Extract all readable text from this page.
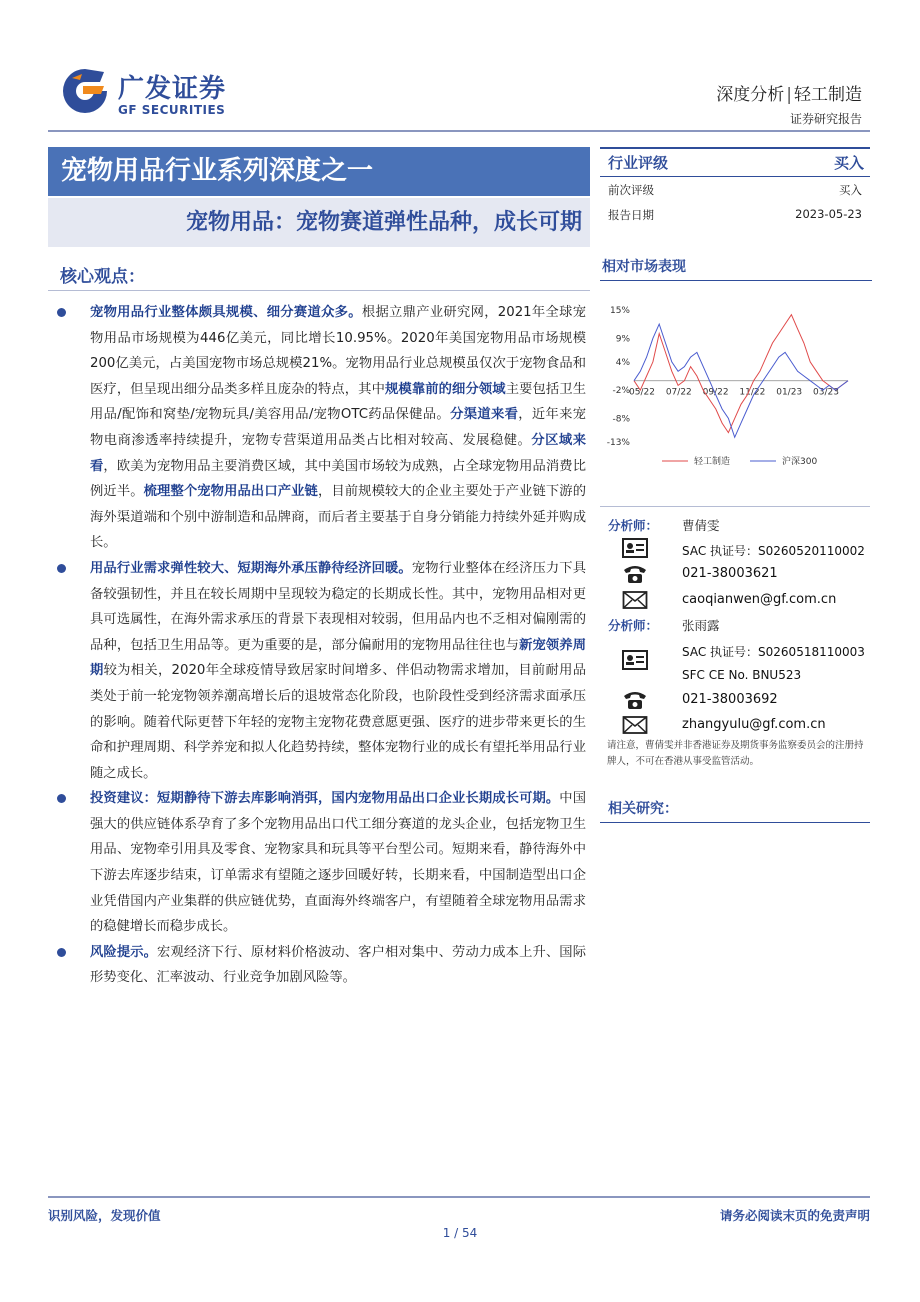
广发证券
GF SECURITIES
深度分析 | 轻工制造
证券研究报告
宠物用品行业系列深度之一
宠物用品：宠物赛道弹性品种，成长可期
核心观点：
宠物用品行业整体颇具规模、细分赛道众多。根据立鼎产业研究网，2021年全球宠物用品市场规模为446亿美元，同比增长10.95%。2020年美国宠物用品市场规模200亿美元，占美国宠物市场总规模21%。宠物用品行业总规模虽仅次于宠物食品和医疗，但呈现出细分品类多样且庞杂的特点，其中规模靠前的细分领域主要包括卫生用品/配饰和窝垫/宠物玩具/美容用品/宠物OTC药品保健品。分渠道来看，近年来宠物电商渗透率持续提升，宠物专营渠道用品类占比相对较高、发展稳健。分区域来看，欧美为宠物用品主要消费区域，其中美国市场较为成熟，占全球宠物用品消费比例近半。梳理整个宠物用品出口产业链，目前规模较大的企业主要处于产业链下游的海外渠道端和个别中游制造和品牌商，而后者主要基于自身分销能力持续外延并购成长。
用品行业需求弹性较大、短期海外承压静待经济回暖。宠物行业整体在经济压力下具备较强韧性，并且在较长周期中呈现较为稳定的长期成长性。其中，宠物用品相对更具可选属性，在海外需求承压的背景下表现相对较弱，但用品内也不乏相对偏刚需的品种，包括卫生用品等。更为重要的是，部分偏耐用的宠物用品往往也与新宠领养周期较为相关，2020年全球疫情导致居家时间增多、伴侣动物需求增加，目前耐用品类处于前一轮宠物领养潮高增长后的退坡常态化阶段，也阶段性受到经济需求面承压的影响。随着代际更替下年轻的宠物主宠物花费意愿更强、医疗的进步带来更长的生命和护理周期、科学养宠和拟人化趋势持续，整体宠物行业的成长有望托举用品行业随之成长。
投资建议：短期静待下游去库影响消弭，国内宠物用品出口企业长期成长可期。中国强大的供应链体系孕育了多个宠物用品出口代工细分赛道的龙头企业，包括宠物卫生用品、宠物牵引用具及零食、宠物家具和玩具等平台型公司。短期来看，静待海外中下游去库逐步结束，订单需求有望随之逐步回暖好转，长期来看，中国制造型出口企业凭借国内产业集群的供应链优势，直面海外终端客户，有望随着全球宠物用品需求的稳健增长而稳步成长。
风险提示。宏观经济下行、原材料价格波动、客户相对集中、劳动力成本上升、国际形势变化、汇率波动、行业竞争加剧风险等。
行业评级	买入
前次评级	买入
报告日期	2023-05-23
相对市场表现
15%
9%
4%
-2%
-8%
-13%
05/22 07/22 09/22 11/22 01/23 03/23
轻工制造	沪深300
分析师： 曹倩雯
SAC 执证号：S0260520110002
021-38003621
caoqianwen@gf.com.cn
分析师： 张雨露
SAC 执证号：S0260518110003
SFC CE No. BNU523
021-38003692
zhangyulu@gf.com.cn
请注意，曹倩雯并非香港证券及期货事务监察委员会的注册持牌人，不可在香港从事受监管活动。
相关研究：
识别风险，发现价值	请务必阅读末页的免责声明
1 / 54
